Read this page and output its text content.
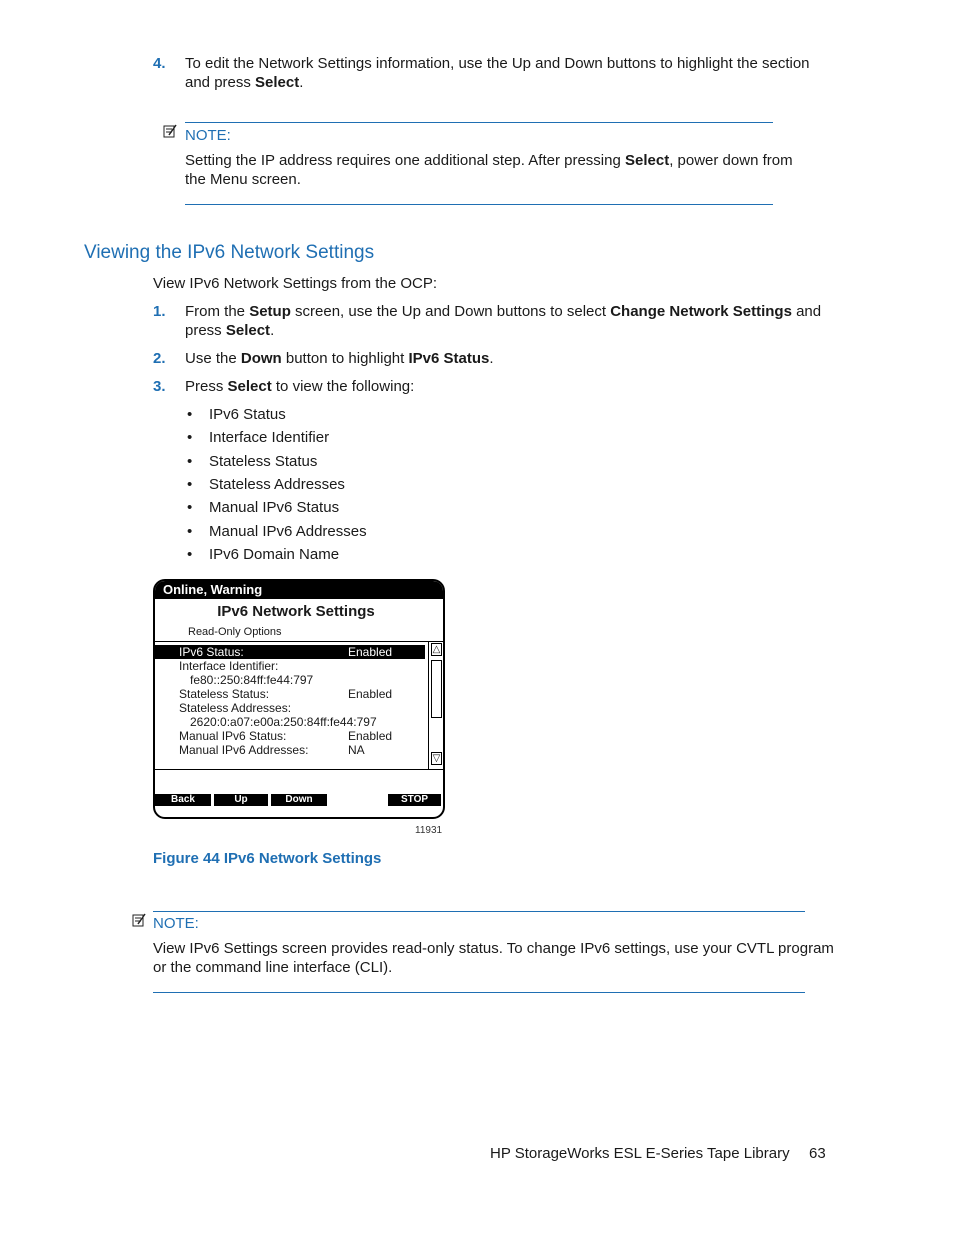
4. To edit the Network Settings information, use the Up and Down buttons to highlight the section
and press Select.
NOTE:
Setting the IP address requires one additional step. After pressing Select, power down from
the Menu screen.
Viewing the IPv6 Network Settings
View IPv6 Network Settings from the OCP:
1. From the Setup screen, use the Up and Down buttons to select Change Network Settings and
press Select.
2. Use the Down button to highlight IPv6 Status.
3. Press Select to view the following:
• IPv6 Status
• Interface Identifier
• Stateless Status
• Stateless Addresses
• Manual IPv6 Status
• Manual IPv6 Addresses
• IPv6 Domain Name
Online, Warning
IPv6 Network Settings
Read-Only Options
IPv6 Status:	Enabled
Interface Identifier:
fe80::250:84ff:fe44:797
Stateless Status:	Enabled
Stateless Addresses:
2620:0:a07:e00a:250:84ff:fe44:797
Manual IPv6 Status:	Enabled
Manual IPv6 Addresses:	NA
△
▽
Back	Up	Down	STOP
11931
Figure 44 IPv6 Network Settings
NOTE:
View IPv6 Settings screen provides read-only status. To change IPv6 settings, use your CVTL program
or the command line interface (CLI).
HP StorageWorks ESL E-Series Tape Library 63
